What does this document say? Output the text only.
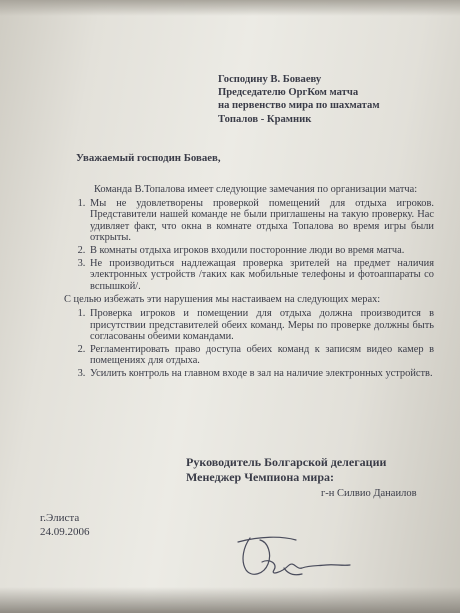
Господину В. Боваеву
Председателю ОргКом матча
на первенство мира по шахматам
Топалов - Крамник
Уважаемый господин Боваев,

Команда В.Топалова имеет следующие замечания по организации матча:

1. Мы не удовлетворены проверкой помещений для отдыха игроков. Представители нашей команде не были приглашены на такую проверку. Нас удивляет факт, что окна в комнате отдыха Топалова во время игры были открыты.
2. В комнаты отдыха игроков входили посторонние люди во время матча.
3. Не производиться надлежащая проверка зрителей на предмет наличия электронных устройств /таких как мобильные телефоны и фотоаппараты со вспышкой/.

С целью избежать эти нарушения мы настаиваем на следующих мерах:

1. Проверка игроков и помещении для отдыха должна производится в присутствии представителей обеих команд. Меры по проверке должны быть согласованы обеими командами.
2. Регламентировать право доступа обеих команд к записям видео камер в помещениях для отдыха.
3. Усилить контроль на главном входе в зал на наличие электронных устройств.
Руководитель Болгарской делегации
Менеджер Чемпиона мира:
г-н Силвио Данаилов
г.Элиста
24.09.2006
